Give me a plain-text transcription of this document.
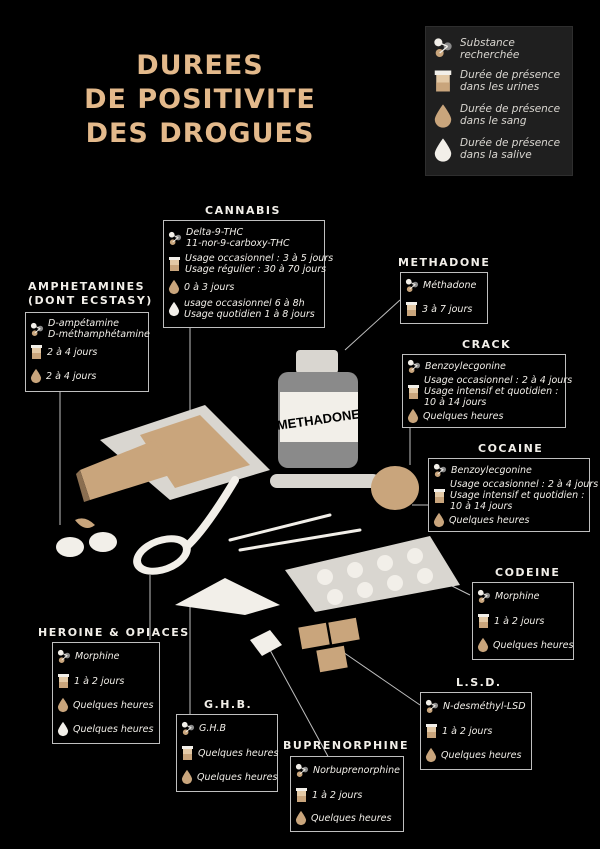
DUREES
DE POSITIVITE
DES DROGUES
Substance recherchée
Durée de présence dans les urines
Durée de présence dans le sang
Durée de présence dans la salive
METHADONE
CANNABIS
Delta-9-THC
11-nor-9-carboxy-THC
Usage occasionnel : 3 à 5 jours
Usage régulier : 30 à 70 jours
0 à 3 jours
usage occasionnel 6 à 8h
Usage quotidien 1 à 8 jours
AMPHETAMINES
(DONT ECSTASY)
D-ampétamine
D-méthamphétamine
2 à 4 jours
2 à 4 jours
METHADONE
Méthadone
3 à 7 jours
CRACK
Benzoylecgonine
Usage occasionnel : 2 à 4 jours
Usage intensif et quotidien :
10 à 14 jours
Quelques heures
COCAINE
Benzoylecgonine
Usage occasionnel : 2 à 4 jours
Usage intensif et quotidien :
10 à 14 jours
Quelques heures
CODEINE
Morphine
1 à 2 jours
Quelques heures
HEROINE & OPIACES
Morphine
1 à 2 jours
Quelques heures
Quelques heures
G.H.B.
G.H.B
Quelques heures
Quelques heures
L.S.D.
N-desméthyl-LSD
1 à 2 jours
Quelques heures
BUPRENORPHINE
Norbuprenorphine
1 à 2 jours
Quelques heures
